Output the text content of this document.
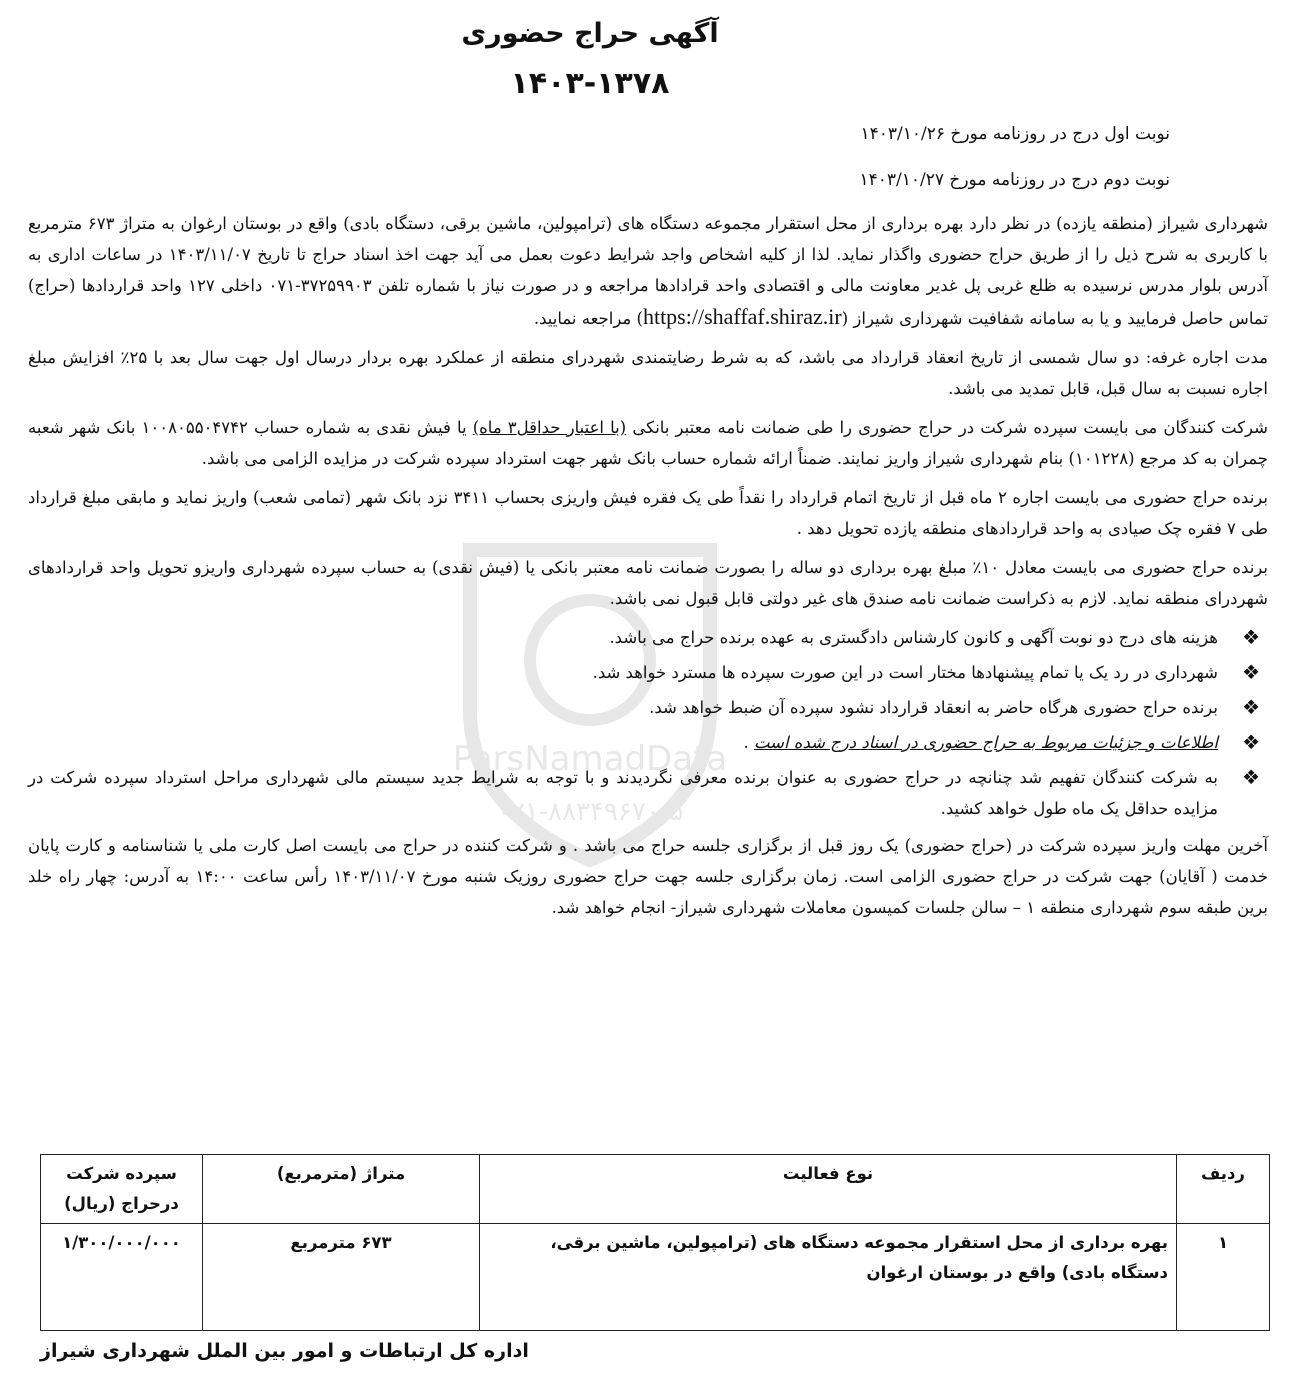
ParsNamadData
۰۲۱-۸۸۳۴۹۶۷۰-۵
آگهی حراج حضوری
۱۴۰۳-۱۳۷۸
نوبت اول درج در روزنامه مورخ ۱۴۰۳/۱۰/۲۶
نوبت دوم درج در روزنامه مورخ ۱۴۰۳/۱۰/۲۷

شهرداری شیراز (منطقه یازده) در نظر دارد بهره برداری از محل استقرار مجموعه دستگاه های (ترامپولین، ماشین برقی، دستگاه بادی) واقع در بوستان ارغوان به متراژ ۶۷۳ مترمربع با کاربری به شرح ذیل را از طریق حراج حضوری واگذار نماید. لذا از کلیه اشخاص واجد شرایط دعوت بعمل می آید جهت اخذ اسناد حراج تا تاریخ ۱۴۰۳/۱۱/۰۷ در ساعات اداری به آدرس بلوار مدرس نرسیده به ظلع غربی پل غدیر معاونت مالی و اقتصادی واحد قرادادها مراجعه و در صورت نیاز با شماره تلفن ۳۷۲۵۹۹۰۳-۰۷۱ داخلی ۱۲۷ واحد قراردادها (حراج) تماس حاصل فرمایید و یا به سامانه شفافیت شهرداری شیراز (https://shaffaf.shiraz.ir) مراجعه نمایید.

مدت اجاره غرفه: دو سال شمسی از تاریخ انعقاد قرارداد می باشد، که به شرط رضایتمندی شهردرای منطقه از عملکرد بهره بردار درسال اول جهت سال بعد با ۲۵٪ افزایش مبلغ اجاره نسبت به سال قبل، قابل تمدید می باشد.

شرکت کنندگان می بایست سپرده شرکت در حراج حضوری را طی ضمانت نامه معتبر بانکی (با اعتبار حداقل۳ ماه) یا فیش نقدی به شماره حساب ۱۰۰۸۰۵۵۰۴۷۴۲ بانک شهر شعبه چمران به کد مرجع (۱۰۱۲۲۸) بنام شهرداری شیراز واریز نمایند. ضمناً ارائه شماره حساب بانک شهر جهت استرداد سپرده شرکت در مزایده الزامی می باشد.

برنده حراج حضوری می بایست اجاره ۲ ماه قبل از تاریخ اتمام قرارداد را نقداً طی یک فقره فیش واریزی بحساب ۳۴۱۱ نزد بانک شهر (تمامی شعب) واریز نماید و مابقی مبلغ قرارداد طی ۷ فقره چک صیادی به واحد قراردادهای منطقه یازده تحویل دهد .

برنده حراج حضوری می بایست معادل ۱۰٪ مبلغ بهره برداری دو ساله را بصورت ضمانت نامه معتبر بانکی یا (فیش نقدی) به حساب سپرده شهرداری واریزو تحویل واحد قراردادهای شهردرای منطقه نماید. لازم به ذکراست ضمانت نامه صندق های غیر دولتی قابل قبول نمی باشد.

❖
هزینه های درج دو نوبت آگهی و کانون کارشناس دادگستری به عهده برنده حراج می باشد.
❖
شهرداری در رد یک یا تمام پیشنهادها مختار است در این صورت سپرده ها مسترد خواهد شد.
❖
برنده حراج حضوری هرگاه حاضر به انعقاد قرارداد نشود سپرده آن ضبط خواهد شد.
❖
اطلاعات و جزئیات مربوط به حراج حضوری در اسناد درج شده است .
❖
به شرکت کنندگان تفهیم شد چنانچه در حراج حضوری به عنوان برنده معرفی نگردیدند و با توجه به شرایط جدید سیستم مالی شهرداری مراحل استرداد سپرده شرکت در مزایده حداقل یک ماه طول خواهد کشید.

آخرین مهلت واریز سپرده شرکت در (حراج حضوری) یک روز قبل از برگزاری جلسه حراج می باشد . و شرکت کننده در حراج می بایست اصل کارت ملی یا شناسنامه و کارت پایان خدمت ( آقایان) جهت شرکت در حراج حضوری الزامی است. زمان برگزاری جلسه جهت حراج حضوری روزیک شنبه مورخ ۱۴۰۳/۱۱/۰۷ رأس ساعت ۱۴:۰۰ به آدرس: چهار راه خلد برین طبقه سوم شهرداری منطقه ۱ – سالن جلسات کمیسون معاملات شهرداری شیراز- انجام خواهد شد.

ردیف	نوع فعالیت	متراژ (مترمربع)	سپرده شرکت درحراج (ریال)
۱	بهره برداری از محل استقرار مجموعه دستگاه های (ترامپولین، ماشین برقی، دستگاه بادی) واقع در بوستان ارغوان	۶۷۳ مترمربع	۱/۳۰۰/۰۰۰/۰۰۰
اداره کل ارتباطات و امور بین الملل شهرداری شیراز
